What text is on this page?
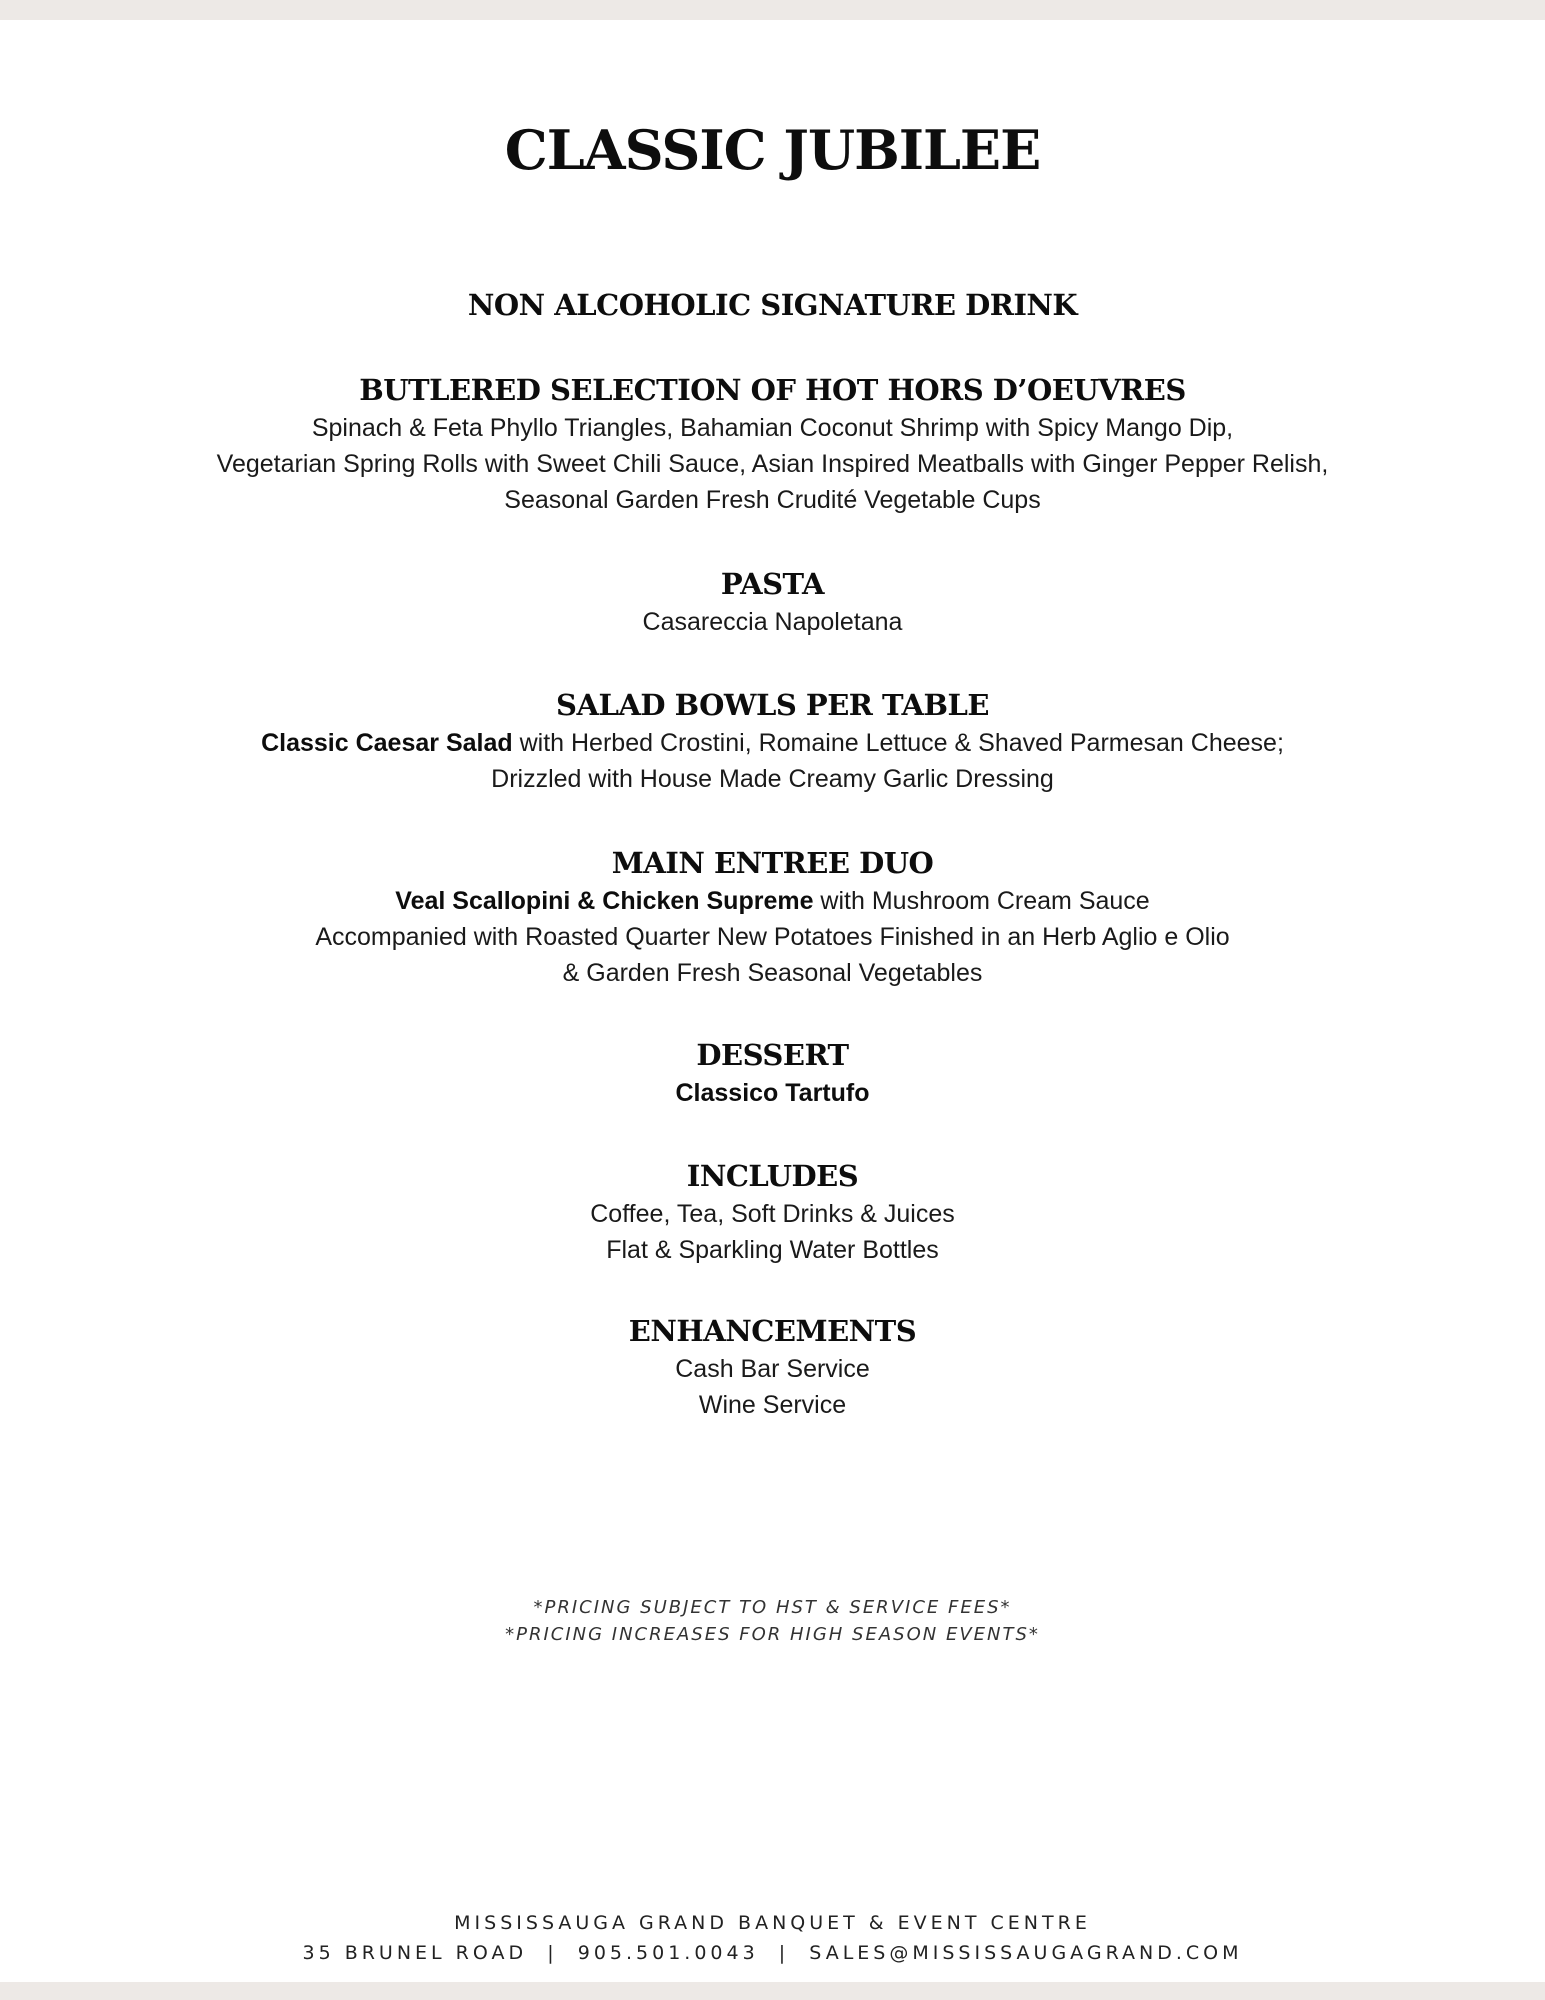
CLASSIC JUBILEE

NON ALCOHOLIC SIGNATURE DRINK

BUTLERED SELECTION OF HOT HORS D’OEUVRES

Spinach & Feta Phyllo Triangles, Bahamian Coconut Shrimp with Spicy Mango Dip,

Vegetarian Spring Rolls with Sweet Chili Sauce, Asian Inspired Meatballs with Ginger Pepper Relish,

Seasonal Garden Fresh Crudité Vegetable Cups

PASTA

Casareccia Napoletana

SALAD BOWLS PER TABLE

Classic Caesar Salad with Herbed Crostini, Romaine Lettuce & Shaved Parmesan Cheese;

Drizzled with House Made Creamy Garlic Dressing

MAIN ENTREE DUO

Veal Scallopini & Chicken Supreme with Mushroom Cream Sauce

Accompanied with Roasted Quarter New Potatoes Finished in an Herb Aglio e Olio

& Garden Fresh Seasonal Vegetables

DESSERT

Classico Tartufo

INCLUDES

Coffee, Tea, Soft Drinks & Juices

Flat & Sparkling Water Bottles

ENHANCEMENTS

Cash Bar Service

Wine Service

*PRICING SUBJECT TO HST & SERVICE FEES*

*PRICING INCREASES FOR HIGH SEASON EVENTS*

MISSISSAUGA GRAND BANQUET & EVENT CENTRE

35 BRUNEL ROAD | 905.501.0043 | SALES@MISSISSAUGAGRAND.COM
